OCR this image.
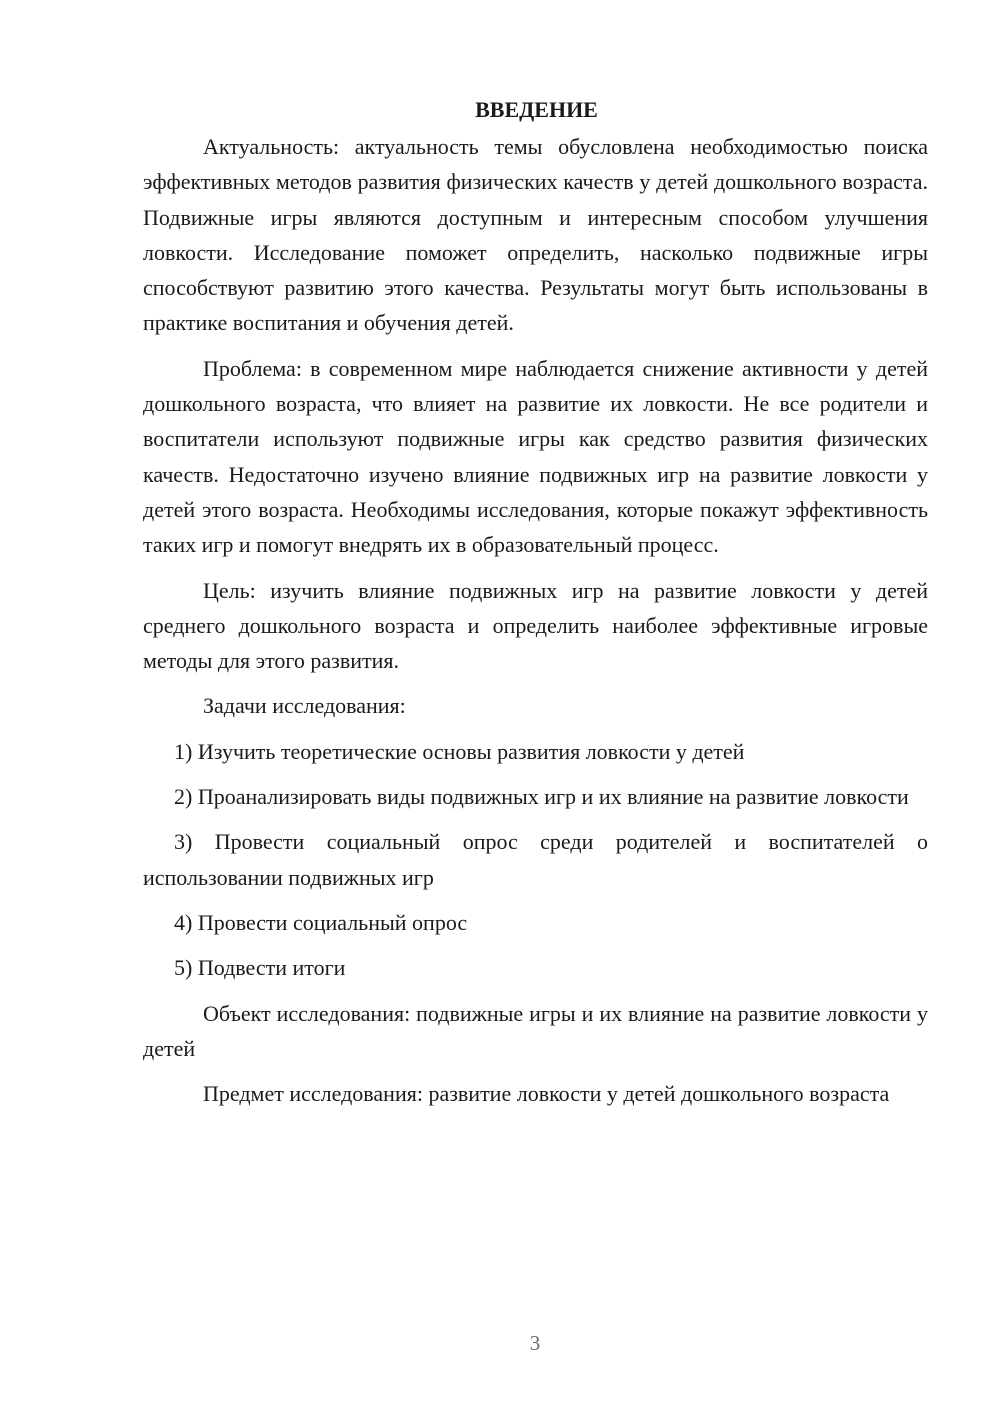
ВВЕДЕНИЕ

Актуальность: актуальность темы обусловлена необходимостью поиска эффективных методов развития физических качеств у детей дошкольного возраста. Подвижные игры являются доступным и интересным способом улучшения ловкости. Исследование поможет определить, насколько подвижные игры способствуют развитию этого качества. Результаты могут быть использованы в практике воспитания и обучения детей.

Проблема: в современном мире наблюдается снижение активности у детей дошкольного возраста, что влияет на развитие их ловкости. Не все родители и воспитатели используют подвижные игры как средство развития физических качеств. Недостаточно изучено влияние подвижных игр на развитие ловкости у детей этого возраста. Необходимы исследования, которые покажут эффективность таких игр и помогут внедрять их в образовательный процесс.

Цель: изучить влияние подвижных игр на развитие ловкости у детей среднего дошкольного возраста и определить наиболее эффективные игровые методы для этого развития.

Задачи исследования:

1) Изучить теоретические основы развития ловкости у детей

2) Проанализировать виды подвижных игр и их влияние на развитие ловкости

3) Провести социальный опрос среди родителей и воспитателей о использовании подвижных игр

4) Провести социальный опрос

5) Подвести итоги

Объект исследования: подвижные игры и их влияние на развитие ловкости у детей

Предмет исследования: развитие ловкости у детей дошкольного возраста

3
